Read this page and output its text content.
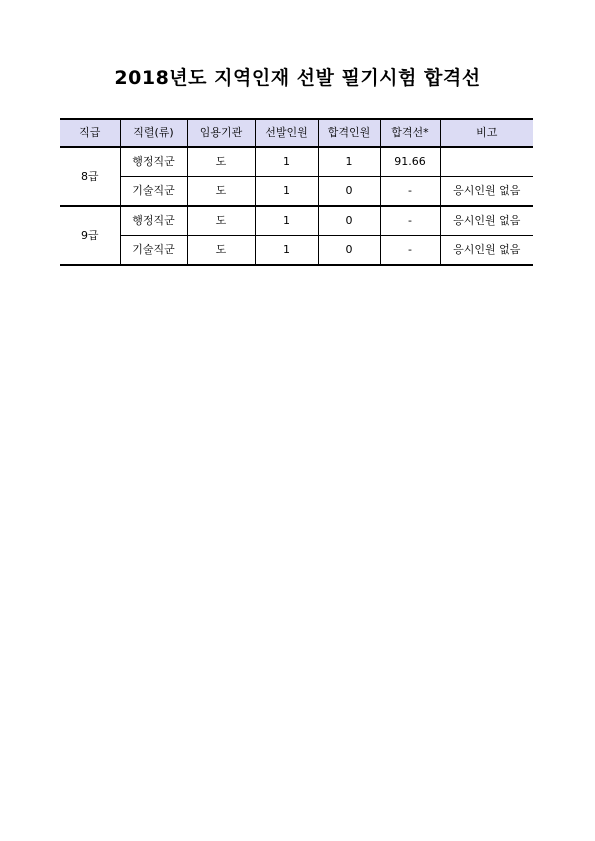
2018년도 지역인재 선발 필기시험 합격선
직급	직렬(류)	임용기관	선발인원	합격인원	합격선*	비고
8급	행정직군	도	1	1	91.66	
	기술직군	도	1	0	-	응시인원 없음
9급	행정직군	도	1	0	-	응시인원 없음
	기술직군	도	1	0	-	응시인원 없음
